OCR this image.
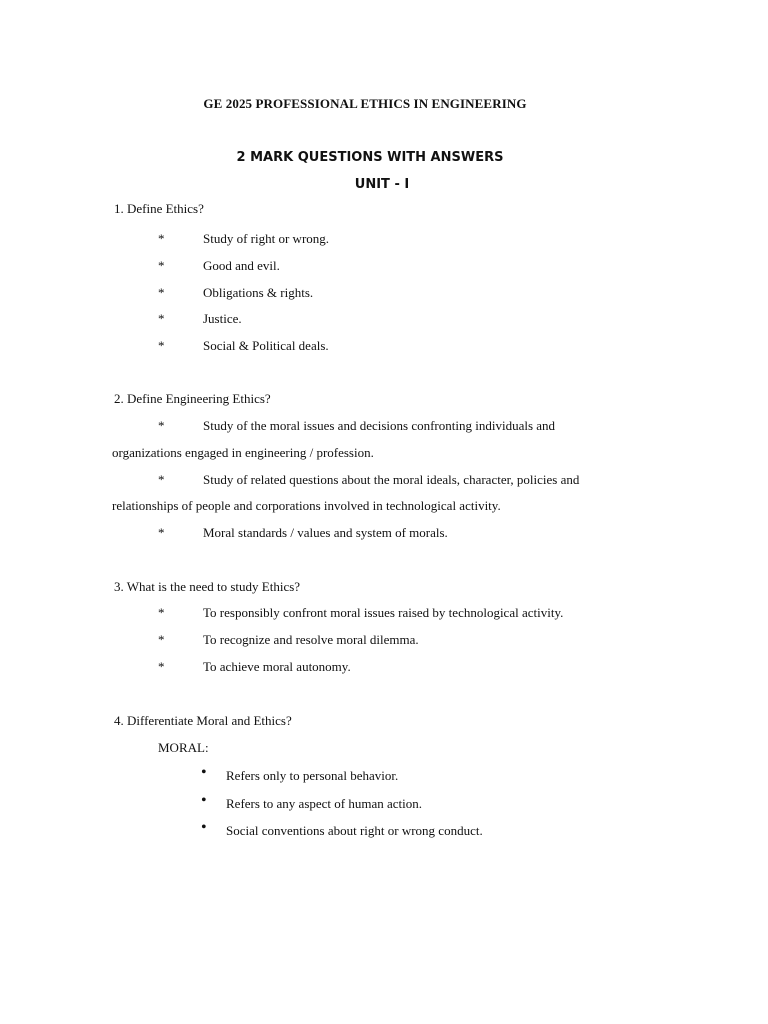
GE 2025 PROFESSIONAL ETHICS IN ENGINEERING
2 MARK QUESTIONS WITH ANSWERS
UNIT - I
1. Define Ethics?
*	Study of right or wrong.
*	Good and evil.
*	Obligations & rights.
*	Justice.
*	Social & Political deals.
2. Define Engineering Ethics?
*	Study of the moral issues and decisions confronting individuals and
organizations engaged in engineering / profession.
*	Study of related questions about the moral ideals, character, policies and
relationships of people and corporations involved in technological activity.
*	Moral standards / values and system of morals.
3. What is the need to study Ethics?
*	To responsibly confront moral issues raised by technological activity.
*	To recognize and resolve moral dilemma.
*	To achieve moral autonomy.
4. Differentiate Moral and Ethics?
MORAL:
• Refers only to personal behavior.
• Refers to any aspect of human action.
• Social conventions about right or wrong conduct.
